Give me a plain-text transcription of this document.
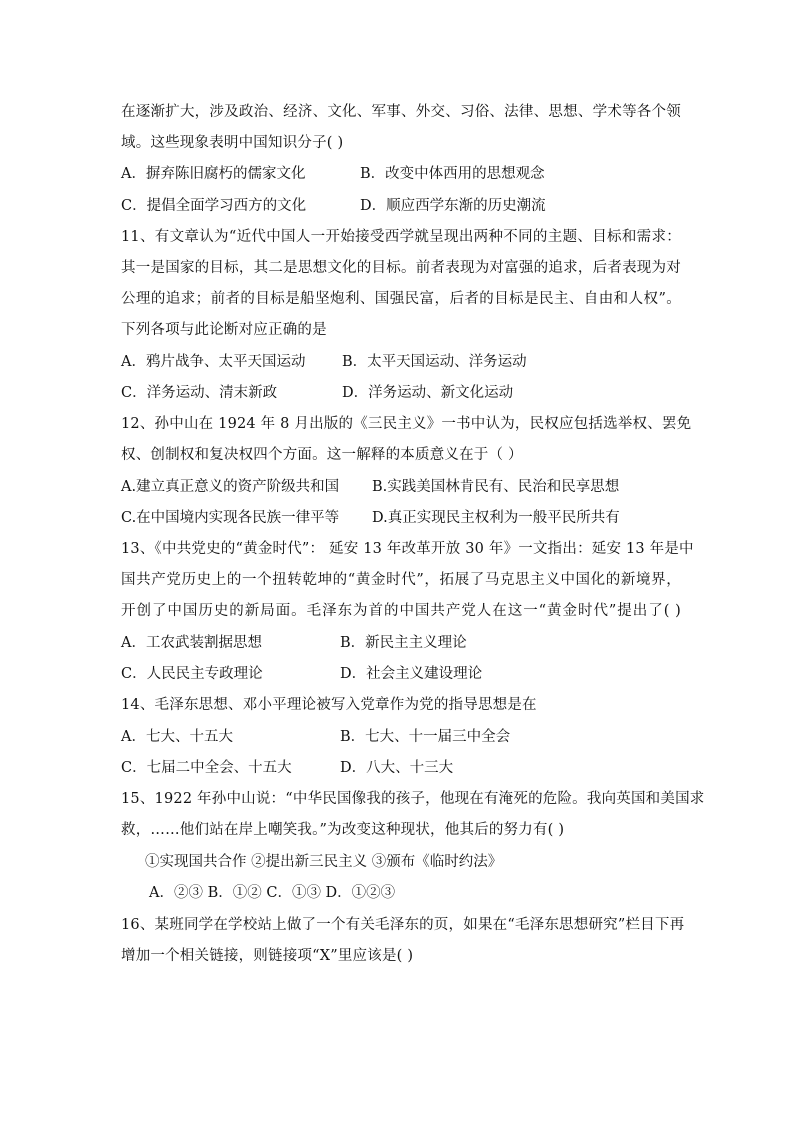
在逐渐扩大，涉及政治、经济、文化、军事、外交、习俗、法律、思想、学术等各个领
域。这些现象表明中国知识分子( )
A．摒弃陈旧腐朽的儒家文化	B．改变中体西用的思想观念
C．提倡全面学习西方的文化	D．顺应西学东渐的历史潮流
11、有文章认为“近代中国人一开始接受西学就呈现出两种不同的主题、目标和需求：
其一是国家的目标，其二是思想文化的目标。前者表现为对富强的追求，后者表现为对
公理的追求；前者的目标是船坚炮利、国强民富，后者的目标是民主、自由和人权”。
下列各项与此论断对应正确的是
A．鸦片战争、太平天国运动	B．太平天国运动、洋务运动
C．洋务运动、清末新政	D．洋务运动、新文化运动
12、孙中山在 1924 年 8 月出版的《三民主义》一书中认为，民权应包括选举权、罢免
权、创制权和复决权四个方面。这一解释的本质意义在于（ ）
A.建立真正意义的资产阶级共和国 B.实践美国林肯民有、民治和民享思想
C.在中国境内实现各民族一律平等 D.真正实现民主权利为一般平民所共有
13、《中共党史的“黄金时代”： 延安 13 年改革开放 30 年》一文指出：延安 13 年是中
国共产党历史上的一个扭转乾坤的“黄金时代”，拓展了马克思主义中国化的新境界，
开创了中国历史的新局面。毛泽东为首的中国共产党人在这一“黄金时代”提出了( )
A．工农武装割据思想	B．新民主主义理论
C．人民民主专政理论	D．社会主义建设理论
14、毛泽东思想、邓小平理论被写入党章作为党的指导思想是在
A．七大、十五大	B．七大、十一届三中全会
C．七届二中全会、十五大	D．八大、十三大
15、1922 年孙中山说：“中华民国像我的孩子，他现在有淹死的危险。我向英国和美国求
救，……他们站在岸上嘲笑我。”为改变这种现状，他其后的努力有( )
①实现国共合作 ②提出新三民主义 ③颁布《临时约法》
A．②③ B．①② C．①③ D．①②③
16、某班同学在学校站上做了一个有关毛泽东的页，如果在“毛泽东思想研究”栏目下再
增加一个相关链接，则链接项“X”里应该是( )
